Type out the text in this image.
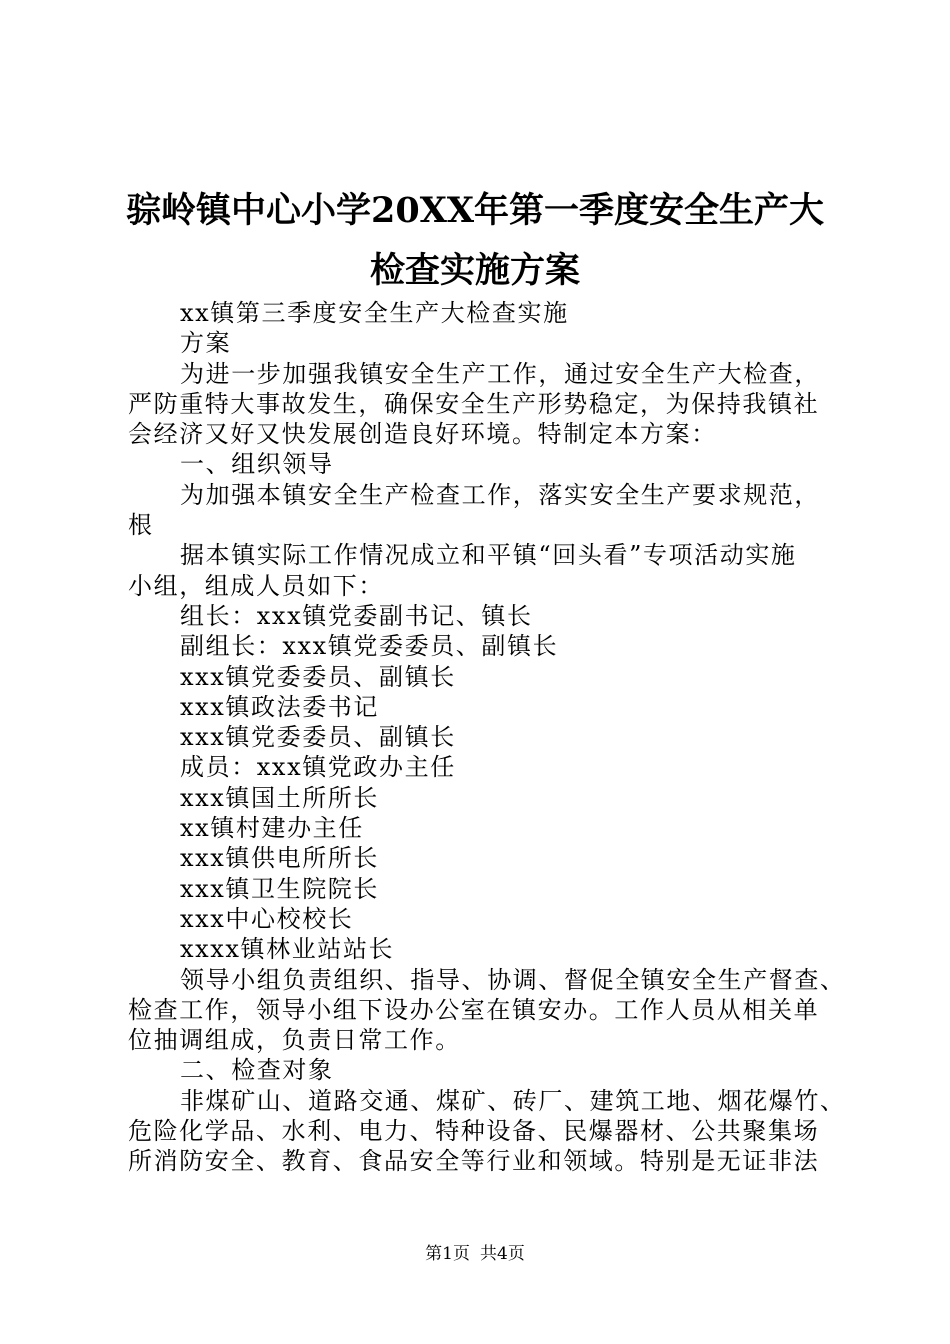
骔岭镇中心小学20XX年第一季度安全生产大
检查实施方案
xx镇第三季度安全生产大检查实施
方案
为进一步加强我镇安全生产工作，通过安全生产大检查，
严防重特大事故发生，确保安全生产形势稳定，为保持我镇社
会经济又好又快发展创造良好环境。特制定本方案：
一、组织领导
为加强本镇安全生产检查工作，落实安全生产要求规范，
根
据本镇实际工作情况成立和平镇“回头看”专项活动实施
小组，组成人员如下：
组长：xxx镇党委副书记、镇长
副组长：xxx镇党委委员、副镇长
xxx镇党委委员、副镇长
xxx镇政法委书记
xxx镇党委委员、副镇长
成员：xxx镇党政办主任
xxx镇国土所所长
xx镇村建办主任
xxx镇供电所所长
xxx镇卫生院院长
xxx中心校校长
xxxx镇林业站站长
领导小组负责组织、指导、协调、督促全镇安全生产督查、
检查工作，领导小组下设办公室在镇安办。工作人员从相关单
位抽调组成，负责日常工作。
二、检查对象
非煤矿山、道路交通、煤矿、砖厂、建筑工地、烟花爆竹、
危险化学品、水利、电力、特种设备、民爆器材、公共聚集场
所消防安全、教育、食品安全等行业和领域。特别是无证非法
第1页 共4页
